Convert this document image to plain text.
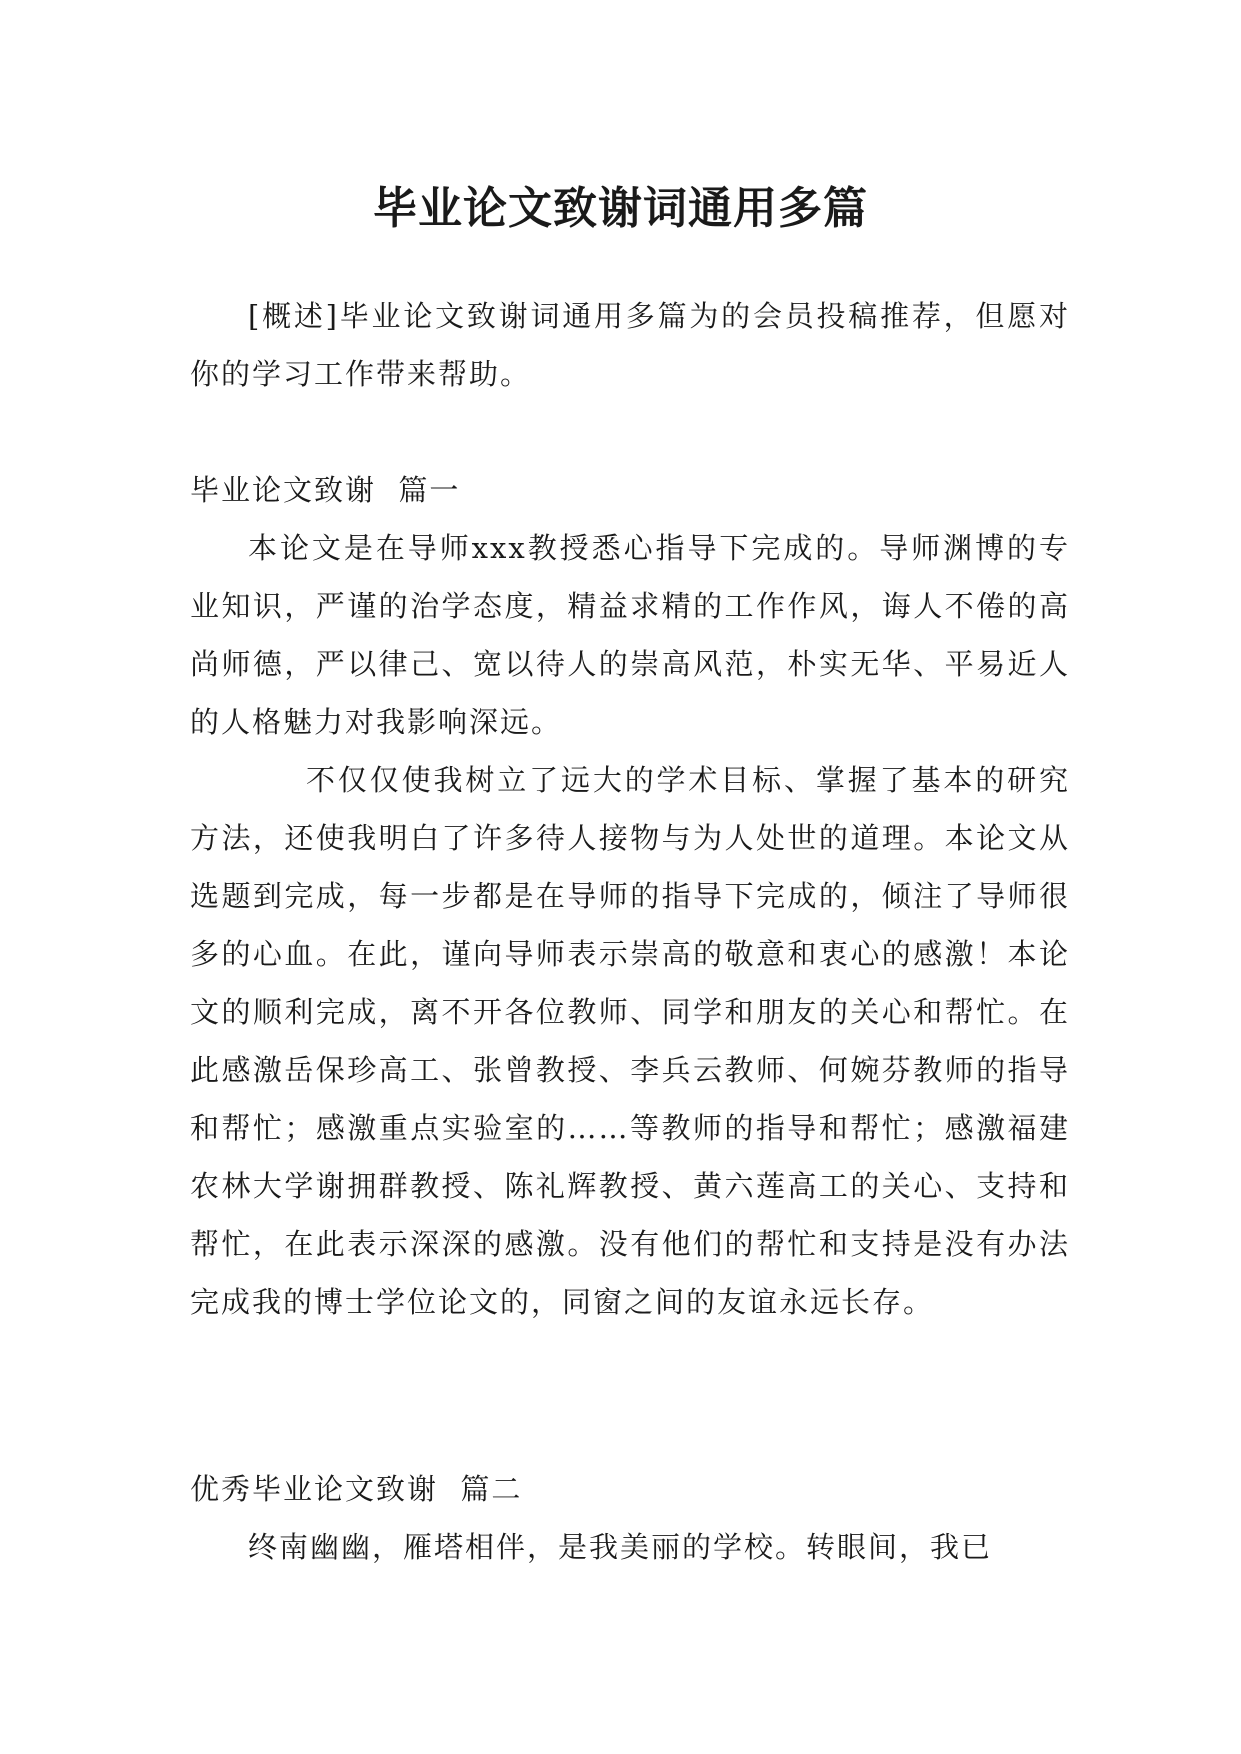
毕业论文致谢词通用多篇

[概述]毕业论文致谢词通用多篇为的会员投稿推荐，但愿对你的学习工作带来帮助。

毕业论文致谢  篇一

本论文是在导师xxx教授悉心指导下完成的。导师渊博的专业知识，严谨的治学态度，精益求精的工作作风，诲人不倦的高尚师德，严以律己、宽以待人的崇高风范，朴实无华、平易近人的人格魅力对我影响深远。

不仅仅使我树立了远大的学术目标、掌握了基本的研究方法，还使我明白了许多待人接物与为人处世的道理。本论文从选题到完成，每一步都是在导师的指导下完成的，倾注了导师很多的心血。在此，谨向导师表示崇高的敬意和衷心的感激！本论文的顺利完成，离不开各位教师、同学和朋友的关心和帮忙。在此感激岳保珍高工、张曾教授、李兵云教师、何婉芬教师的指导和帮忙；感激重点实验室的……等教师的指导和帮忙；感激福建农林大学谢拥群教授、陈礼辉教授、黄六莲高工的关心、支持和帮忙，在此表示深深的感激。没有他们的帮忙和支持是没有办法完成我的博士学位论文的，同窗之间的友谊永远长存。

优秀毕业论文致谢  篇二

终南幽幽，雁塔相伴，是我美丽的学校。转眼间，我已
